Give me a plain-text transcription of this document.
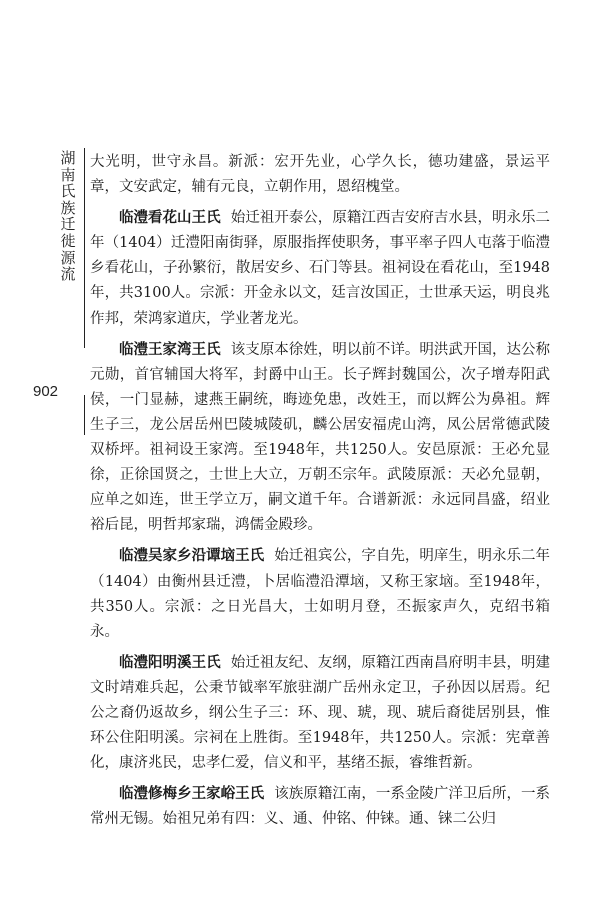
湖南氏族迁徙源流
902

大光明，世守永昌。新派：宏开先业，心学久长，德功建盛，景运平章，文安武定，辅有元良，立朝作用，恩绍槐堂。

临澧看花山王氏 始迁祖开泰公，原籍江西吉安府吉水县，明永乐二年（1404）迁澧阳南街驿，原服指挥使职务，事平率子四人屯落于临澧乡看花山，子孙繁衍，散居安乡、石门等县。祖祠设在看花山，至1948年，共3100人。宗派：开金永以文，廷言汝国正，士世承天运，明良兆作邦，荣鸿家道庆，学业著龙光。

临澧王家湾王氏 该支原本徐姓，明以前不详。明洪武开国，达公称元勋，首官辅国大将军，封爵中山王。长子辉封魏国公，次子增寿阳武侯，一门显赫，逮燕王嗣统，晦迹免患，改姓王，而以辉公为鼻祖。辉生子三，龙公居岳州巴陵城陵矶，麟公居安福虎山湾，凤公居常德武陵双桥坪。祖祠设王家湾。至1948年，共1250人。安邑原派：王必允显徐，正徐国贤之，士世上大立，万朝丕宗年。武陵原派：天必允显朝，应单之如连，世王学立万，嗣文道千年。合谱新派：永远同昌盛，绍业裕后昆，明哲邦家瑞，鸿儒金殿珍。

临澧吴家乡沿谭垴王氏 始迁祖宾公，字自先，明庠生，明永乐二年（1404）由衡州县迁澧，卜居临澧沿潭垴，又称王家垴。至1948年，共350人。宗派：之日光昌大，士如明月登，丕振家声久，克绍书箱永。

临澧阳明溪王氏 始迁祖友纪、友纲，原籍江西南昌府明丰县，明建文时靖难兵起，公秉节钺率军旅驻湖广岳州永定卫，子孙因以居焉。纪公之裔仍返故乡，纲公生子三：环、现、琥，现、琥后裔徙居别县，惟环公住阳明溪。宗祠在上胜街。至1948年，共1250人。宗派：宪章善化，康济兆民，忠孝仁爱，信义和平，基绪丕振，睿维哲新。

临澧修梅乡王家峪王氏 该族原籍江南，一系金陵广洋卫后所，一系常州无锡。始祖兄弟有四：义、通、仲铭、仲铼。通、铼二公归
